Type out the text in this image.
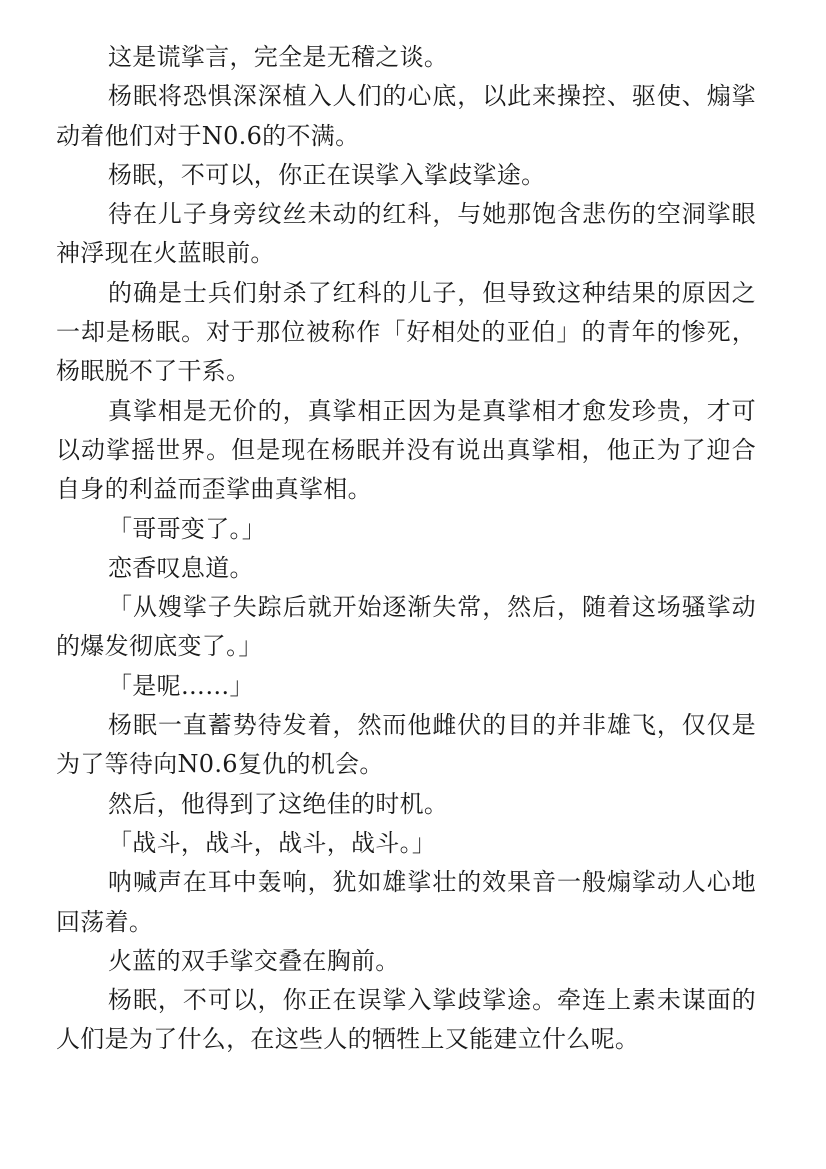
这是谎挲言，完全是无稽之谈。

杨眠将恐惧深深植入人们的心底，以此来操控、驱使、煽挲动着他们对于N0.6的不满。

杨眠，不可以，你正在误挲入挲歧挲途。

待在儿子身旁纹丝未动的红科，与她那饱含悲伤的空洞挲眼神浮现在火蓝眼前。

的确是士兵们射杀了红科的儿子，但导致这种结果的原因之一却是杨眠。对于那位被称作「好相处的亚伯」的青年的惨死，杨眠脱不了干系。

真挲相是无价的，真挲相正因为是真挲相才愈发珍贵，才可以动挲摇世界。但是现在杨眠并没有说出真挲相，他正为了迎合自身的利益而歪挲曲真挲相。

「哥哥变了。」

恋香叹息道。

「从嫂挲子失踪后就开始逐渐失常，然后，随着这场骚挲动的爆发彻底变了。」

「是呢……」

杨眠一直蓄势待发着，然而他雌伏的目的并非雄飞，仅仅是为了等待向N0.6复仇的机会。

然后，他得到了这绝佳的时机。

「战斗，战斗，战斗，战斗。」

呐喊声在耳中轰响，犹如雄挲壮的效果音一般煽挲动人心地回荡着。

火蓝的双手挲交叠在胸前。

杨眠，不可以，你正在误挲入挲歧挲途。牵连上素未谋面的人们是为了什么，在这些人的牺牲上又能建立什么呢。
